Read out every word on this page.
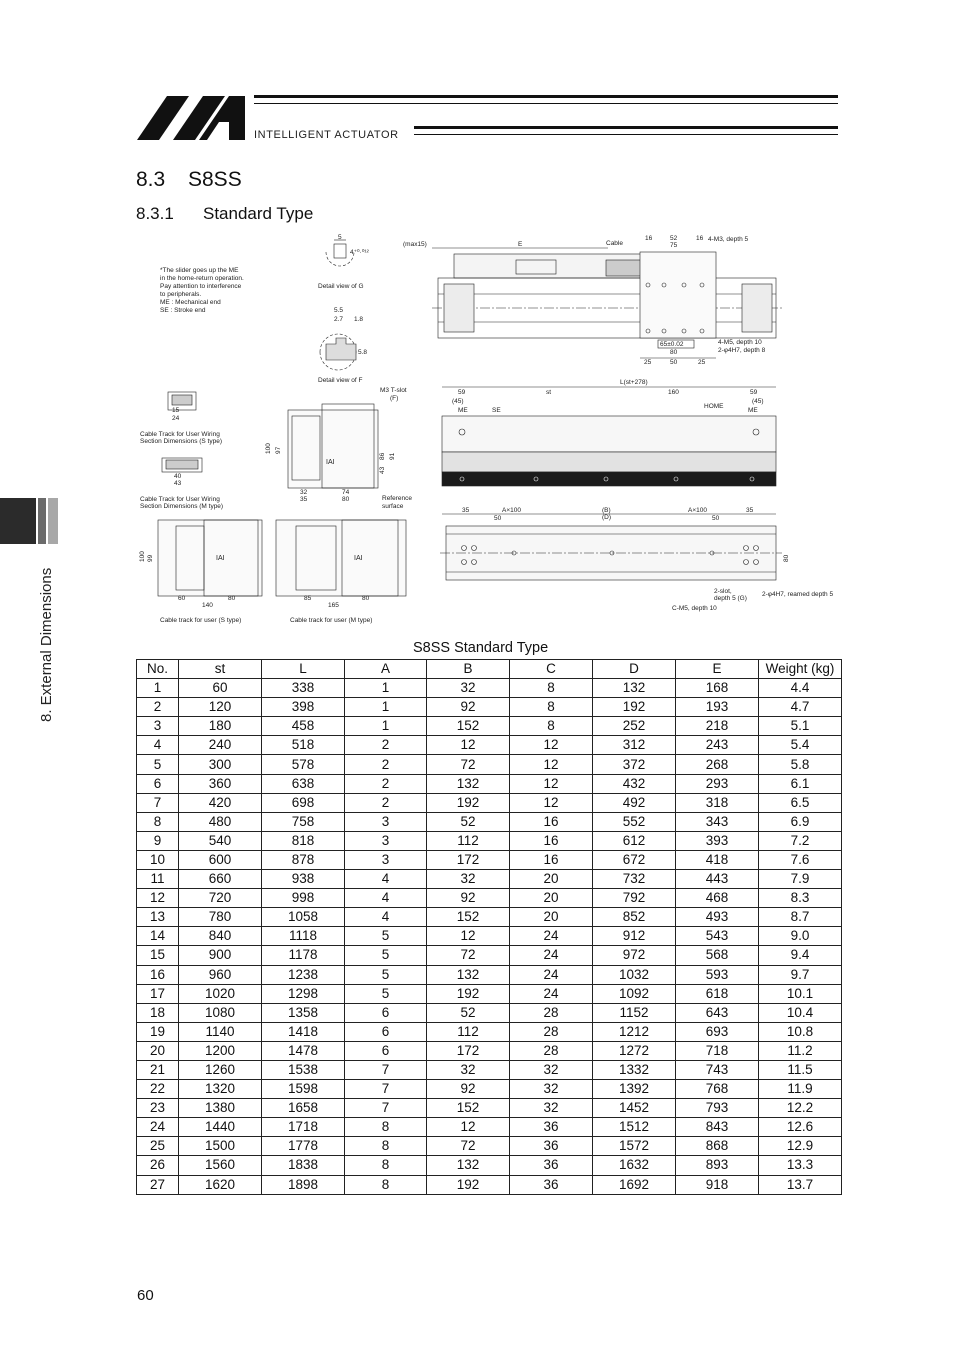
INTELLIGENT ACTUATOR
8.3 S8SS
8.3.1 Standard Type
8. External Dimensions
*The slider goes up the ME
in the home-return operation.
Pay attention to interference
to peripherals.
ME : Mechanical end
SE : Stroke end
5
4⁺⁰·⁰¹²
Detail view of G
5.5
2.7 1.8
5.8
Detail view of F
(max15)	E	Cable
16	52	16
75
4-M3, depth 5
4-M5, depth 10
2-φ4H7, depth 8
65±0.02
80
25	50	25
M3 T-slot
(F)
L(st+278)
59	st	160	59
(45)	(45)
ME	SE
HOME
ME
15
24
Cable Track for User Wiring
Section Dimensions (S type)
40
43
Cable Track for User Wiring
Section Dimensions (M type)
IAI
100 97
86 91
43
32	74
35	80	Reference
surface
35	A×100
50
(B)
(D)
A×100
50
35
80
2-slot,
depth 5 (G)
2-φ4H7, reamed depth 5
C-M5, depth 10
IAI
100 99
60	80
140
Cable track for user (S type)
IAI
85	80
165
Cable track for user (M type)
S8SS Standard Type
No.	st	L	A	B	C	D	E	Weight (kg)
1	60	338	1	32	8	132	168	4.4
2	120	398	1	92	8	192	193	4.7
3	180	458	1	152	8	252	218	5.1
4	240	518	2	12	12	312	243	5.4
5	300	578	2	72	12	372	268	5.8
6	360	638	2	132	12	432	293	6.1
7	420	698	2	192	12	492	318	6.5
8	480	758	3	52	16	552	343	6.9
9	540	818	3	112	16	612	393	7.2
10	600	878	3	172	16	672	418	7.6
11	660	938	4	32	20	732	443	7.9
12	720	998	4	92	20	792	468	8.3
13	780	1058	4	152	20	852	493	8.7
14	840	1118	5	12	24	912	543	9.0
15	900	1178	5	72	24	972	568	9.4
16	960	1238	5	132	24	1032	593	9.7
17	1020	1298	5	192	24	1092	618	10.1
18	1080	1358	6	52	28	1152	643	10.4
19	1140	1418	6	112	28	1212	693	10.8
20	1200	1478	6	172	28	1272	718	11.2
21	1260	1538	7	32	32	1332	743	11.5
22	1320	1598	7	92	32	1392	768	11.9
23	1380	1658	7	152	32	1452	793	12.2
24	1440	1718	8	12	36	1512	843	12.6
25	1500	1778	8	72	36	1572	868	12.9
26	1560	1838	8	132	36	1632	893	13.3
27	1620	1898	8	192	36	1692	918	13.7
60
